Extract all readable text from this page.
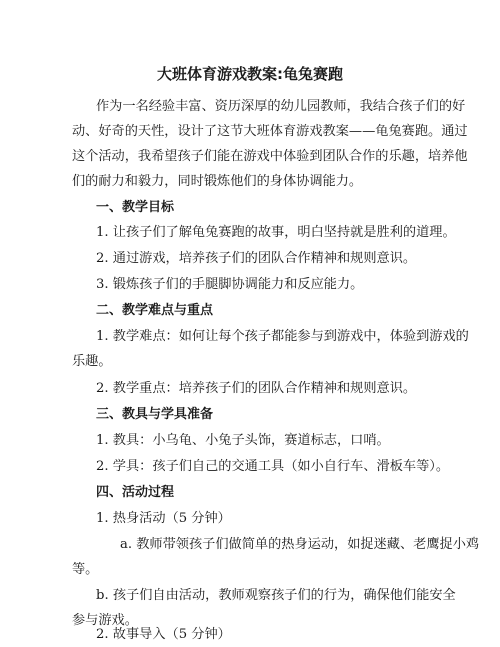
大班体育游戏教案:龟兔赛跑
作为一名经验丰富、资历深厚的幼儿园教师，我结合孩子们的好
动、好奇的天性，设计了这节大班体育游戏教案——龟兔赛跑。通过
这个活动，我希望孩子们能在游戏中体验到团队合作的乐趣，培养他
们的耐力和毅力，同时锻炼他们的身体协调能力。
一、教学目标
1. 让孩子们了解龟兔赛跑的故事，明白坚持就是胜利的道理。
2. 通过游戏，培养孩子们的团队合作精神和规则意识。
3. 锻炼孩子们的手腿脚协调能力和反应能力。
二、教学难点与重点
1. 教学难点：如何让每个孩子都能参与到游戏中，体验到游戏的
乐趣。
2. 教学重点：培养孩子们的团队合作精神和规则意识。
三、教具与学具准备
1. 教具：小乌龟、小兔子头饰，赛道标志，口哨。
2. 学具：孩子们自己的交通工具（如小自行车、滑板车等）。
四、活动过程
1. 热身活动（5 分钟）
a. 教师带领孩子们做简单的热身运动，如捉迷藏、老鹰捉小鸡
等。
b. 孩子们自由活动，教师观察孩子们的行为，确保他们能安全
参与游戏。
2. 故事导入（5 分钟）
